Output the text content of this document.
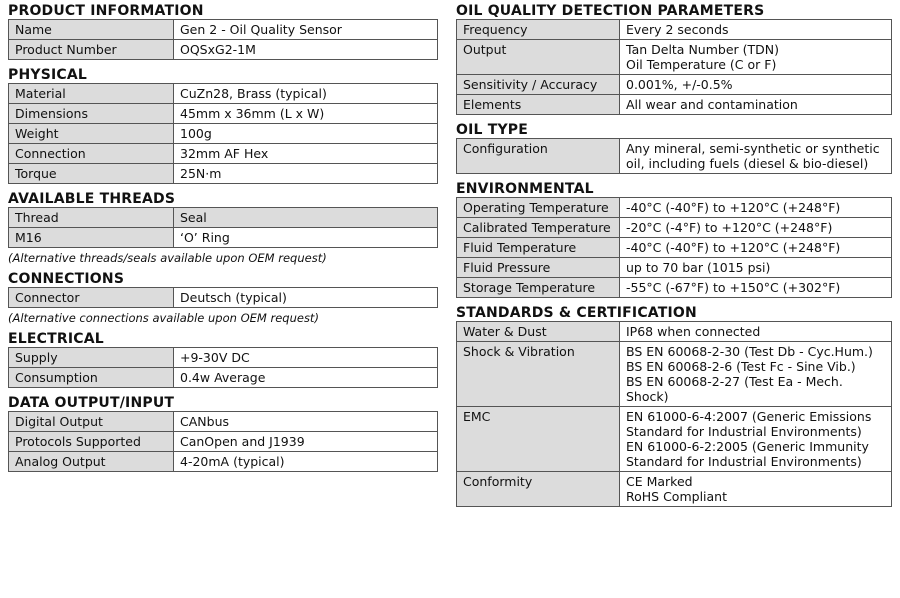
PRODUCT INFORMATION
Name	Gen 2 - Oil Quality Sensor

Product Number	OQSxG2-1M
PHYSICAL
Material	CuZn28, Brass (typical)

Dimensions	45mm x 36mm (L x W)

Weight	100g

Connection	32mm AF Hex

Torque	25N·m
AVAILABLE THREADS
Thread	Seal
M16	‘O’ Ring
(Alternative threads/seals available upon OEM request)
CONNECTIONS
Connector	Deutsch (typical)
(Alternative connections available upon OEM request)
ELECTRICAL
Supply	+9-30V DC

Consumption	0.4w Average
DATA OUTPUT/INPUT
Digital Output	CANbus

Protocols Supported	CanOpen and J1939

Analog Output	4-20mA (typical)
OIL QUALITY DETECTION PARAMETERS
Frequency	Every 2 seconds

Output	Tan Delta Number (TDN)
Oil Temperature (C or F)

Sensitivity / Accuracy	0.001%, +/-0.5%

Elements	All wear and contamination
OIL TYPE
Configuration	Any mineral, semi-synthetic or synthetic
oil, including fuels (diesel & bio-diesel)
ENVIRONMENTAL
Operating Temperature	-40°C (-40°F) to +120°C (+248°F)

Calibrated Temperature	-20°C (-4°F) to +120°C (+248°F)

Fluid Temperature	-40°C (-40°F) to +120°C (+248°F)

Fluid Pressure	up to 70 bar (1015 psi)

Storage Temperature	-55°C (-67°F) to +150°C (+302°F)
STANDARDS & CERTIFICATION
Water & Dust	IP68 when connected

Shock & Vibration	BS EN 60068-2-30 (Test Db - Cyc.Hum.)
BS EN 60068-2-6 (Test Fc - Sine Vib.)
BS EN 60068-2-27 (Test Ea - Mech.
Shock)

EMC	EN 61000-6-4:2007 (Generic Emissions
Standard for Industrial Environments)
EN 61000-6-2:2005 (Generic Immunity
Standard for Industrial Environments)

Conformity	CE Marked
RoHS Compliant
